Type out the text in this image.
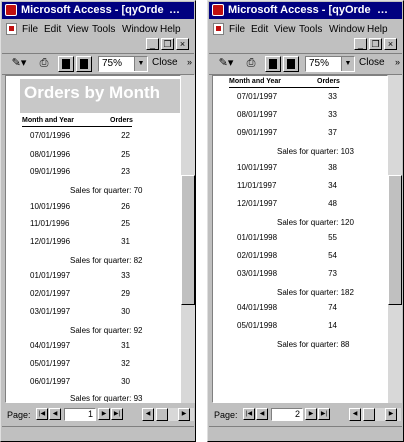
Microsoft Access - [qyOrde …
File Edit View Tools Window Help
_ ❐ ×
✎▾	⎙	75%	▼ Close »
Orders by Month
Month and Year	Orders
07/01/1996	22
08/01/1996	25
09/01/1996	23
Sales for quarter: 70
10/01/1996	26
11/01/1996	25
12/01/1996	31
Sales for quarter: 82
01/01/1997	33
02/01/1997	29
03/01/1997	30
Sales for quarter: 92
04/01/1997	31
05/01/1997	32
06/01/1997	30
Sales for quarter: 93
Page:	|◀	◀	1	▶	▶|	◀	▶
Microsoft Access - [qyOrde …
File Edit View Tools Window Help
_ ❐ ×
✎▾	⎙	75%	▼ Close »
Month and Year	Orders
07/01/1997	33
08/01/1997	33
09/01/1997	37
Sales for quarter: 103
10/01/1997	38
11/01/1997	34
12/01/1997	48
Sales for quarter: 120
01/01/1998	55
02/01/1998	54
03/01/1998	73
Sales for quarter: 182
04/01/1998	74
05/01/1998	14
Sales for quarter: 88
Page:	|◀	◀	2	▶	▶|	◀	▶
